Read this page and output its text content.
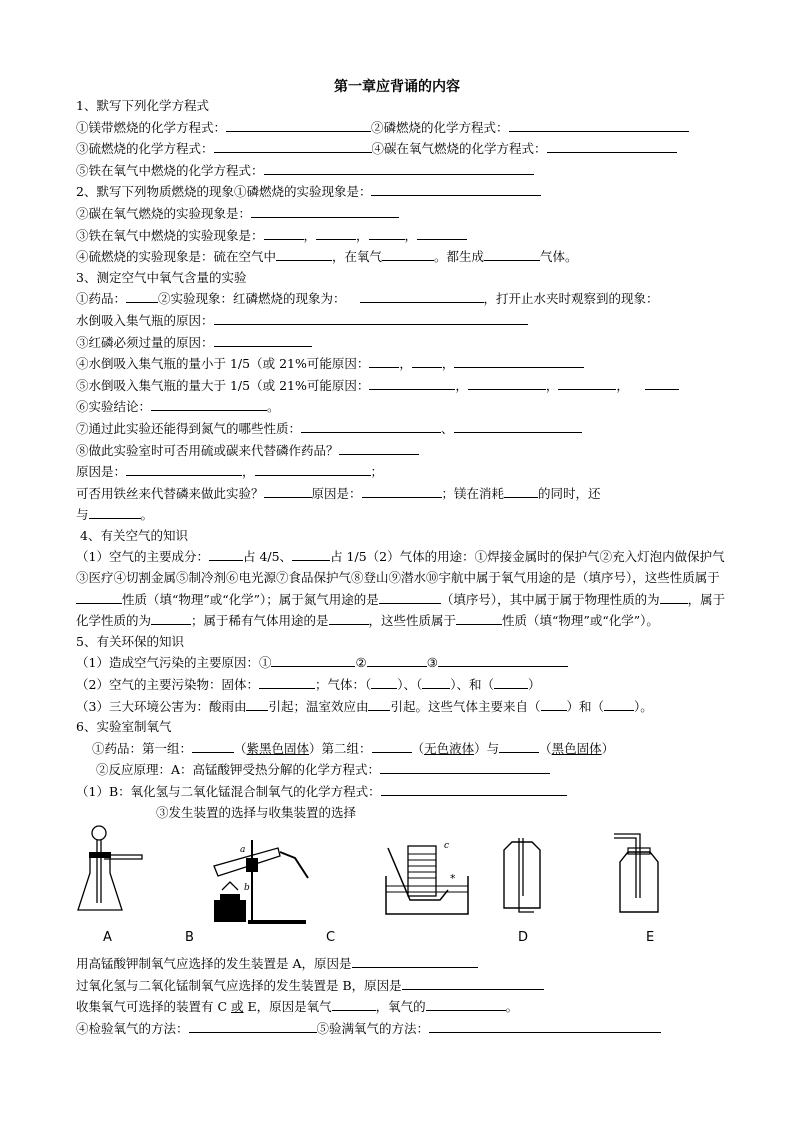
第一章应背诵的内容
1、默写下列化学方程式
①镁带燃烧的化学方程式：	②磷燃烧的化学方程式：
③硫燃烧的化学方程式：	④碳在氧气燃烧的化学方程式：
⑤铁在氧气中燃烧的化学方程式：
2、默写下列物质燃烧的现象①磷燃烧的实验现象是：
②碳在氧气燃烧的实验现象是：
③铁在氧气中燃烧的实验现象是：	，	，	，
④硫燃烧的实验现象是：硫在空气中	，在氧气	。都生成	气体。
3、测定空气中氧气含量的实验
①药品：	②实验现象：红磷燃烧的现象为：	，打开止水夹时观察到的现象：
水倒吸入集气瓶的原因：
③红磷必须过量的原因：
④水倒吸入集气瓶的量小于 1/5（或 21%可能原因： ， ，
⑤水倒吸入集气瓶的量大于 1/5（或 21%可能原因：	，	，	，
⑥实验结论：	。
⑦通过此实验还能得到氮气的哪些性质：	、
⑧做此实验室时可否用硫或碳来代替磷作药品？
原因是：	，	；
可否用铁丝来代替磷来做此实验？	原因是：	；镁在消耗	的同时，还
与	。
4、有关空气的知识
（1）空气的主要成分：	占 4/5、	占 1/5（2）气体的用途：①焊接金属时的保护气②充入灯泡内做保护气③医疗④切割金属⑤制冷剂⑥电光源⑦食品保护气⑧登山⑨潜水⑩宇航中属于氧气用途的是（填序号），这些性质属于性质（填“物理”或“化学”）；属于氮气用途的是	（填序号），其中属于属于物理性质的为 ，属于化学性质的为	；属于稀有气体用途的是	，这些性质属于	性质（填“物理”或“化学”）。
5、有关环保的知识
（1）造成空气污染的主要原因：①	②	③
（2）空气的主要污染物：固体：	；气体：（ ）、（ ）、和（	）
（3）三大环境公害为：酸雨由 引起；温室效应由 引起。这些气体主要来自（ ）和（ ）。
6、实验室制氧气
①药品：第一组：	（紫黑色固体）第二组：	（无色液体）与	（黑色固体）
②反应原理：A：高锰酸钾受热分解的化学方程式：
（1）B：氧化氢与二氧化锰混合制氧气的化学方程式：
③发生装置的选择与收集装置的选择
a
b
c
*
A	B	C	D	E
用高锰酸钾制氧气应选择的发生装置是 A，原因是
过氧化氢与二氧化锰制氧气应选择的发生装置是 B，原因是
收集氧气可选择的装置有 C 或 E，原因是氧气	，氧气的	。
④检验氧气的方法：	⑤验满氧气的方法：
